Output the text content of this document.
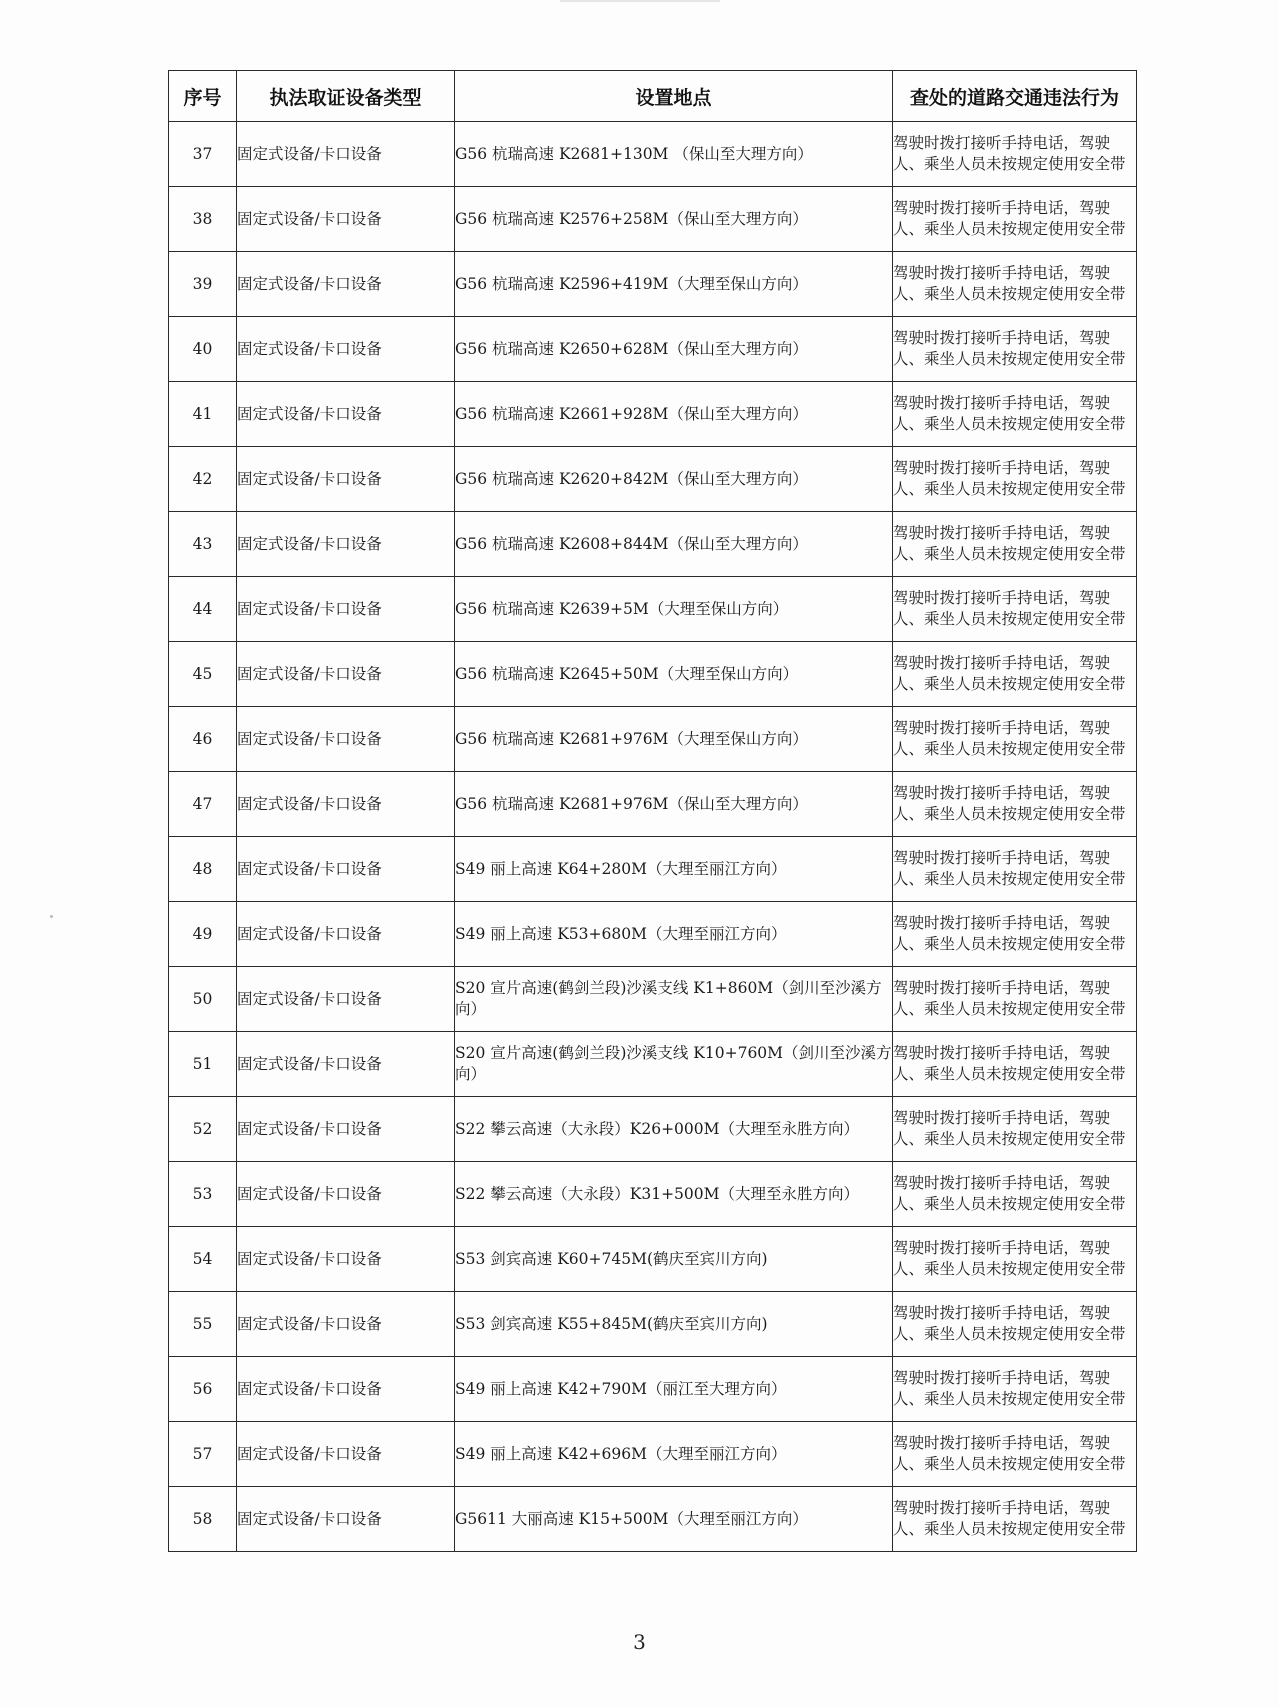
序号	执法取证设备类型	设置地点	查处的道路交通违法行为
37	固定式设备/卡口设备	G56 杭瑞高速 K2681+130M （保山至大理方向）	驾驶时拨打接听手持电话，驾驶人、乘坐人员未按规定使用安全带
38	固定式设备/卡口设备	G56 杭瑞高速 K2576+258M（保山至大理方向）	驾驶时拨打接听手持电话，驾驶人、乘坐人员未按规定使用安全带
39	固定式设备/卡口设备	G56 杭瑞高速 K2596+419M（大理至保山方向）	驾驶时拨打接听手持电话，驾驶人、乘坐人员未按规定使用安全带
40	固定式设备/卡口设备	G56 杭瑞高速 K2650+628M（保山至大理方向）	驾驶时拨打接听手持电话，驾驶人、乘坐人员未按规定使用安全带
41	固定式设备/卡口设备	G56 杭瑞高速 K2661+928M（保山至大理方向）	驾驶时拨打接听手持电话，驾驶人、乘坐人员未按规定使用安全带
42	固定式设备/卡口设备	G56 杭瑞高速 K2620+842M（保山至大理方向）	驾驶时拨打接听手持电话，驾驶人、乘坐人员未按规定使用安全带
43	固定式设备/卡口设备	G56 杭瑞高速 K2608+844M（保山至大理方向）	驾驶时拨打接听手持电话，驾驶人、乘坐人员未按规定使用安全带
44	固定式设备/卡口设备	G56 杭瑞高速 K2639+5M（大理至保山方向）	驾驶时拨打接听手持电话，驾驶人、乘坐人员未按规定使用安全带
45	固定式设备/卡口设备	G56 杭瑞高速 K2645+50M（大理至保山方向）	驾驶时拨打接听手持电话，驾驶人、乘坐人员未按规定使用安全带
46	固定式设备/卡口设备	G56 杭瑞高速 K2681+976M（大理至保山方向）	驾驶时拨打接听手持电话，驾驶人、乘坐人员未按规定使用安全带
47	固定式设备/卡口设备	G56 杭瑞高速 K2681+976M（保山至大理方向）	驾驶时拨打接听手持电话，驾驶人、乘坐人员未按规定使用安全带
48	固定式设备/卡口设备	S49 丽上高速 K64+280M（大理至丽江方向）	驾驶时拨打接听手持电话，驾驶人、乘坐人员未按规定使用安全带
49	固定式设备/卡口设备	S49 丽上高速 K53+680M（大理至丽江方向）	驾驶时拨打接听手持电话，驾驶人、乘坐人员未按规定使用安全带
50	固定式设备/卡口设备	S20 宣片高速(鹤剑兰段)沙溪支线 K1+860M（剑川至沙溪方向）	驾驶时拨打接听手持电话，驾驶人、乘坐人员未按规定使用安全带
51	固定式设备/卡口设备	S20 宣片高速(鹤剑兰段)沙溪支线 K10+760M（剑川至沙溪方向）	驾驶时拨打接听手持电话，驾驶人、乘坐人员未按规定使用安全带
52	固定式设备/卡口设备	S22 攀云高速（大永段）K26+000M（大理至永胜方向）	驾驶时拨打接听手持电话，驾驶人、乘坐人员未按规定使用安全带
53	固定式设备/卡口设备	S22 攀云高速（大永段）K31+500M（大理至永胜方向）	驾驶时拨打接听手持电话，驾驶人、乘坐人员未按规定使用安全带
54	固定式设备/卡口设备	S53 剑宾高速 K60+745M(鹤庆至宾川方向)	驾驶时拨打接听手持电话，驾驶人、乘坐人员未按规定使用安全带
55	固定式设备/卡口设备	S53 剑宾高速 K55+845M(鹤庆至宾川方向)	驾驶时拨打接听手持电话，驾驶人、乘坐人员未按规定使用安全带
56	固定式设备/卡口设备	S49 丽上高速 K42+790M（丽江至大理方向）	驾驶时拨打接听手持电话，驾驶人、乘坐人员未按规定使用安全带
57	固定式设备/卡口设备	S49 丽上高速 K42+696M（大理至丽江方向）	驾驶时拨打接听手持电话，驾驶人、乘坐人员未按规定使用安全带
58	固定式设备/卡口设备	G5611 大丽高速 K15+500M（大理至丽江方向）	驾驶时拨打接听手持电话，驾驶人、乘坐人员未按规定使用安全带
3
